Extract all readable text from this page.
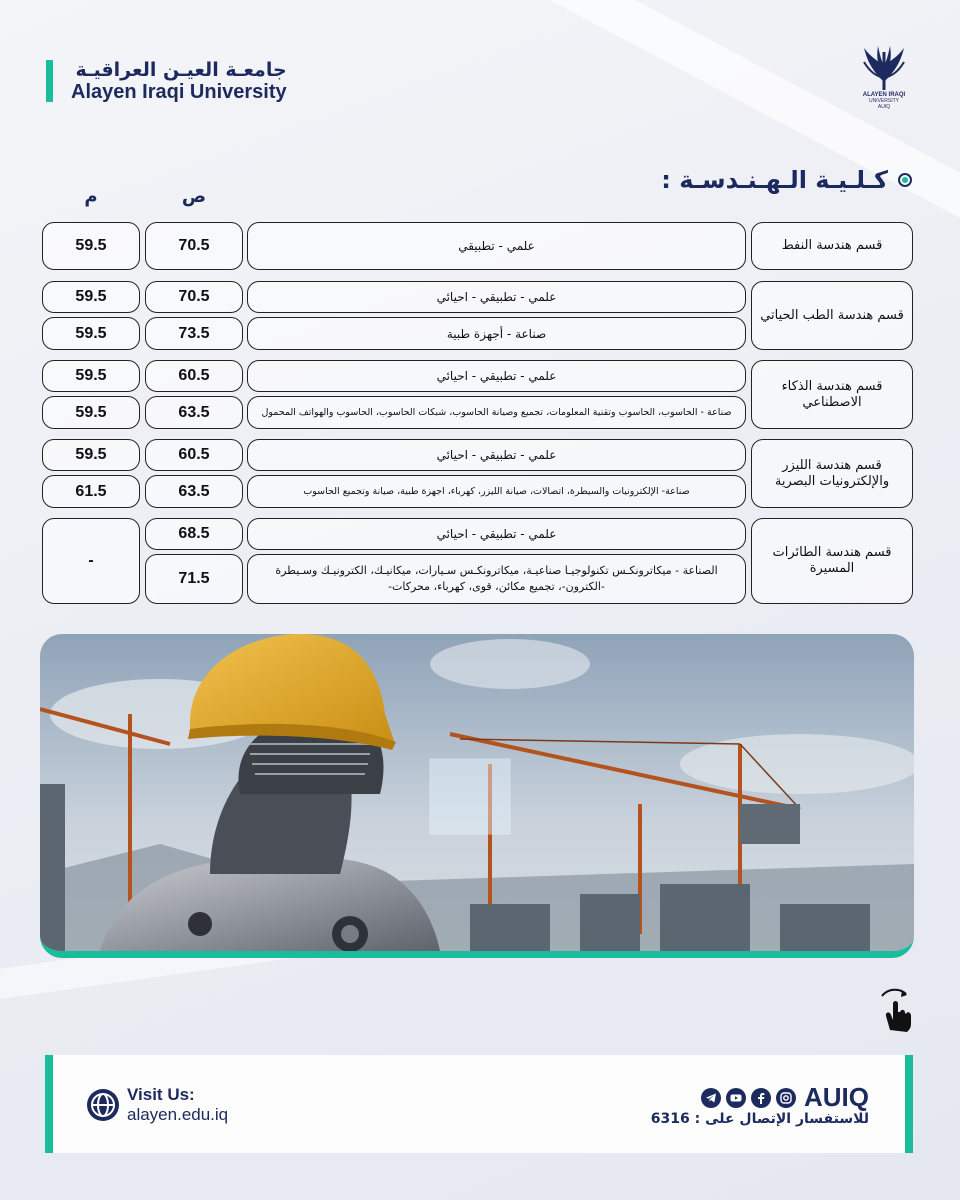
جامعـة العيـن العراقيـة
Alayen Iraqi University	ALAYEN IRAQI
UNIVERSITY
AUIQ
كـلـيـة الـهـنـدسـة :
ص
م
قسم هندسة النفط
علمي - تطبيقي
70.5
59.5
قسم هندسة الطب الحياتي
علمي - تطبيقي - احيائي
70.5
59.5
صناعة - أجهزة طبية
73.5
59.5
قسم هندسة الذكاء الاصطناعي
علمي - تطبيقي - احيائي
60.5
59.5
صناعة - الحاسوب، الحاسوب وتقنية المعلومات، تجميع وصيانة الحاسوب، شبكات الحاسوب، الحاسوب والهواتف المحمول
63.5
59.5
قسم هندسة الليزر والإلكترونيات البصرية
علمي - تطبيقي - احيائي
60.5
59.5
صناعة- الإلكترونيات والسيطرة، اتصالات، صيانة الليزر، كهرباء، اجهزة طبية، صيانة وتجميع الحاسوب
63.5
61.5
قسم هندسة الطائرات المسيرة
علمي - تطبيقي - احيائي
68.5
الصناعة - ميكاترونكـس تكنولوجيـا صناعيـة، ميكاترونكـس سـيارات، ميكانيـك، الكترونيـك وسـيطرة -الكترون-، تجميع مكائن، قوى، كهرباء، محركات-
71.5
-
Visit Us:
alayen.edu.iq
AUIQ
للاستفسار الإتصال على : 6316
